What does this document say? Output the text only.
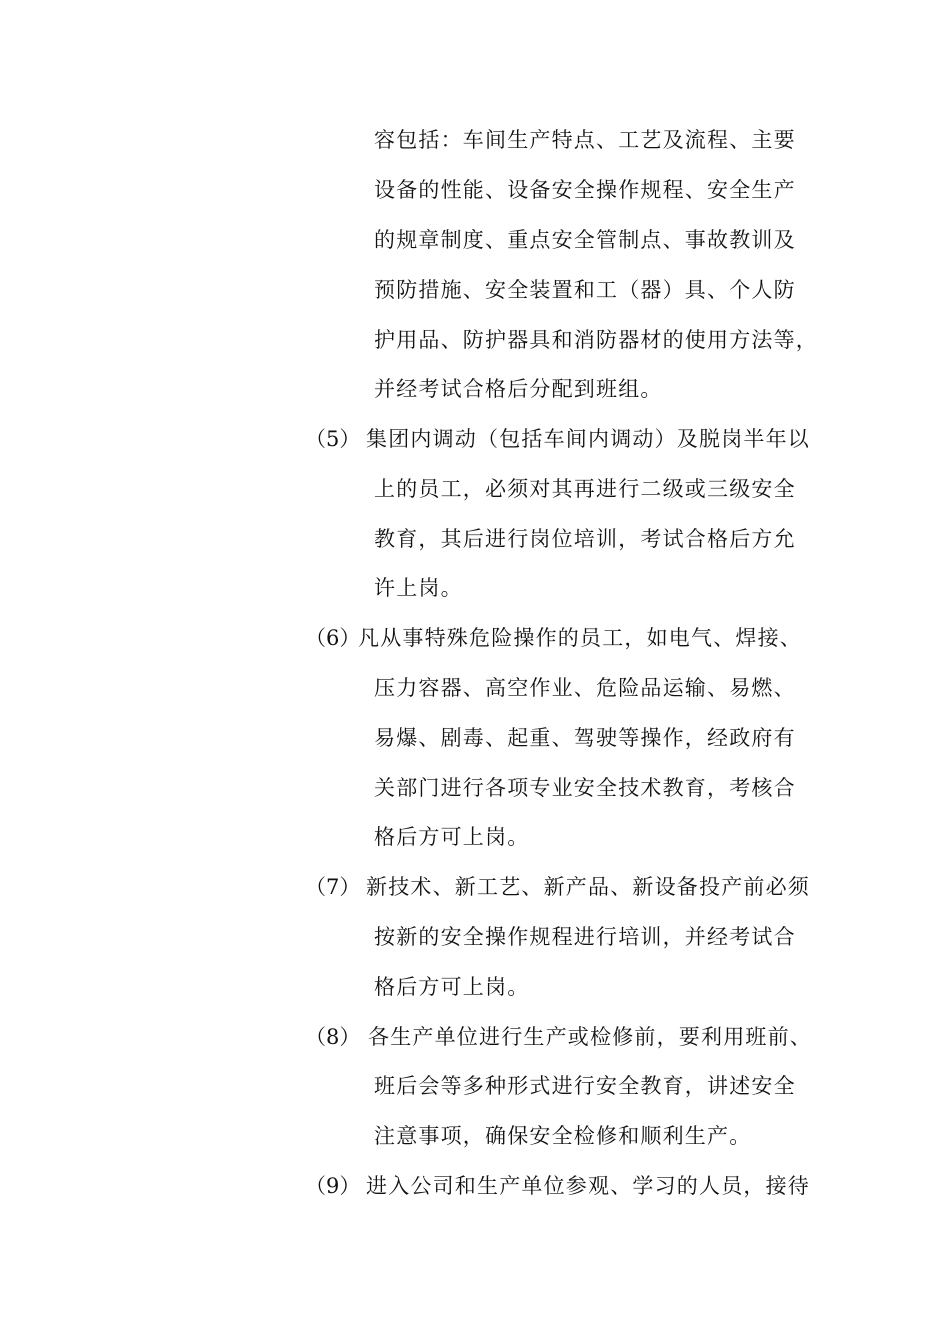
容包括：车间生产特点、工艺及流程、主要
设备的性能、设备安全操作规程、安全生产
的规章制度、重点安全管制点、事故教训及
预防措施、安全装置和工（器）具、个人防
护用品、防护器具和消防器材的使用方法等，
并经考试合格后分配到班组。
（5） 集团内调动（包括车间内调动）及脱岗半年以
上的员工，必须对其再进行二级或三级安全
教育，其后进行岗位培训，考试合格后方允
许上岗。
（6）
凡从事特殊危险操作的员工，如电气、焊接、
压力容器、高空作业、危险品运输、易燃、
易爆、剧毒、起重、驾驶等操作，经政府有
关部门进行各项专业安全技术教育，考核合
格后方可上岗。
（7） 新技术、新工艺、新产品、新设备投产前必须
按新的安全操作规程进行培训，并经考试合
格后方可上岗。
（8） 各生产单位进行生产或检修前，要利用班前、
班后会等多种形式进行安全教育，讲述安全
注意事项，确保安全检修和顺利生产。
（9） 进入公司和生产单位参观、学习的人员，接待
